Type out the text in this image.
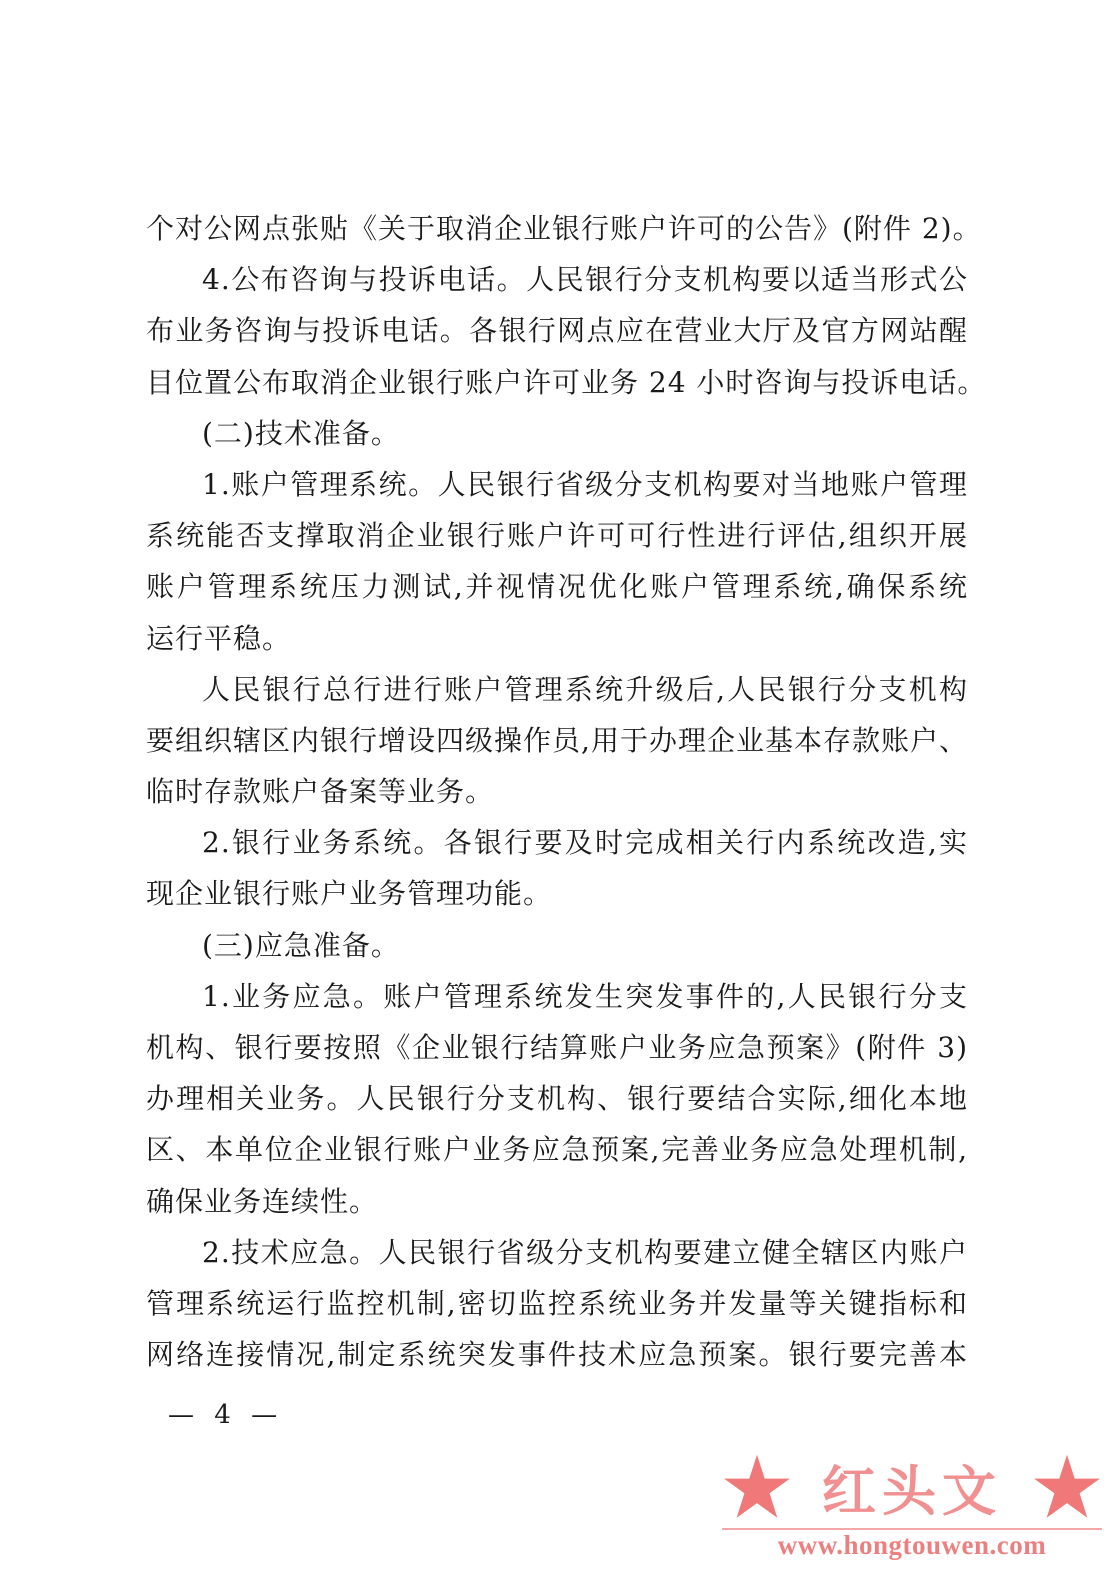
个对公网点张贴《关于取消企业银行账户许可的公告》(附件 2)。
4.公布咨询与投诉电话。人民银行分支机构要以适当形式公
布业务咨询与投诉电话。各银行网点应在营业大厅及官方网站醒
目位置公布取消企业银行账户许可业务 24 小时咨询与投诉电话。
(二)技术准备。
1.账户管理系统。人民银行省级分支机构要对当地账户管理
系统能否支撑取消企业银行账户许可可行性进行评估,组织开展
账户管理系统压力测试,并视情况优化账户管理系统,确保系统
运行平稳。
人民银行总行进行账户管理系统升级后,人民银行分支机构
要组织辖区内银行增设四级操作员,用于办理企业基本存款账户、
临时存款账户备案等业务。
2.银行业务系统。各银行要及时完成相关行内系统改造,实
现企业银行账户业务管理功能。
(三)应急准备。
1.业务应急。账户管理系统发生突发事件的,人民银行分支
机构、银行要按照《企业银行结算账户业务应急预案》(附件 3)
办理相关业务。人民银行分支机构、银行要结合实际,细化本地
区、本单位企业银行账户业务应急预案,完善业务应急处理机制,
确保业务连续性。
2.技术应急。人民银行省级分支机构要建立健全辖区内账户
管理系统运行监控机制,密切监控系统业务并发量等关键指标和
网络连接情况,制定系统突发事件技术应急预案。银行要完善本
— 4 —
红头文
www.hongtouwen.com
